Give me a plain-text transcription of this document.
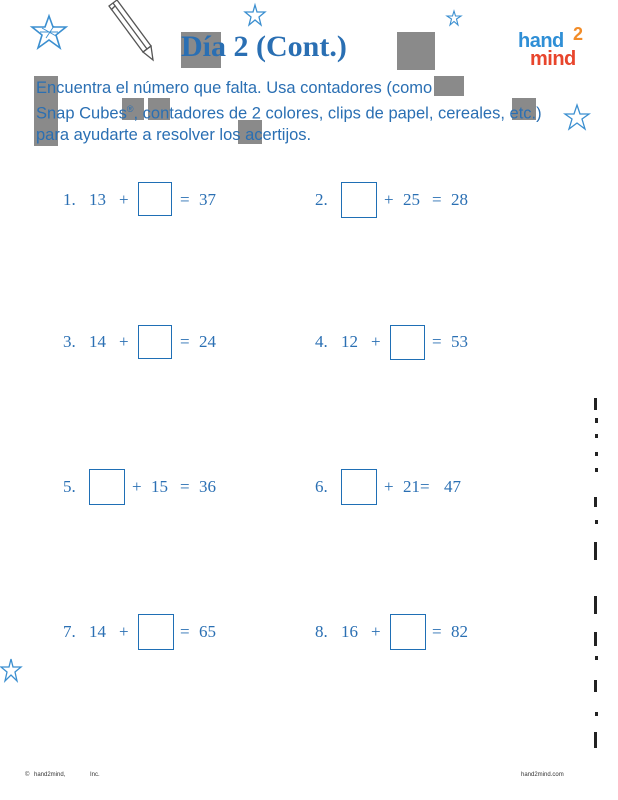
Día 2 (Cont.)	hand 2
mind
Encuentra el número que falta. Usa contadores (como
Snap Cubes®, contadores de 2 colores, clips de papel, cereales, etc.)
para ayudarte a resolver los acertijos.
1. 13 +	= 37	2.	+ 25 = 28
3. 14 +	= 24	4. 12 +	= 53
5.	+ 15 = 36	6.	+ 21= 47
7. 14 +	= 65	8. 16 +	= 82
© hand2mind,	Inc.	hand2mind.com
